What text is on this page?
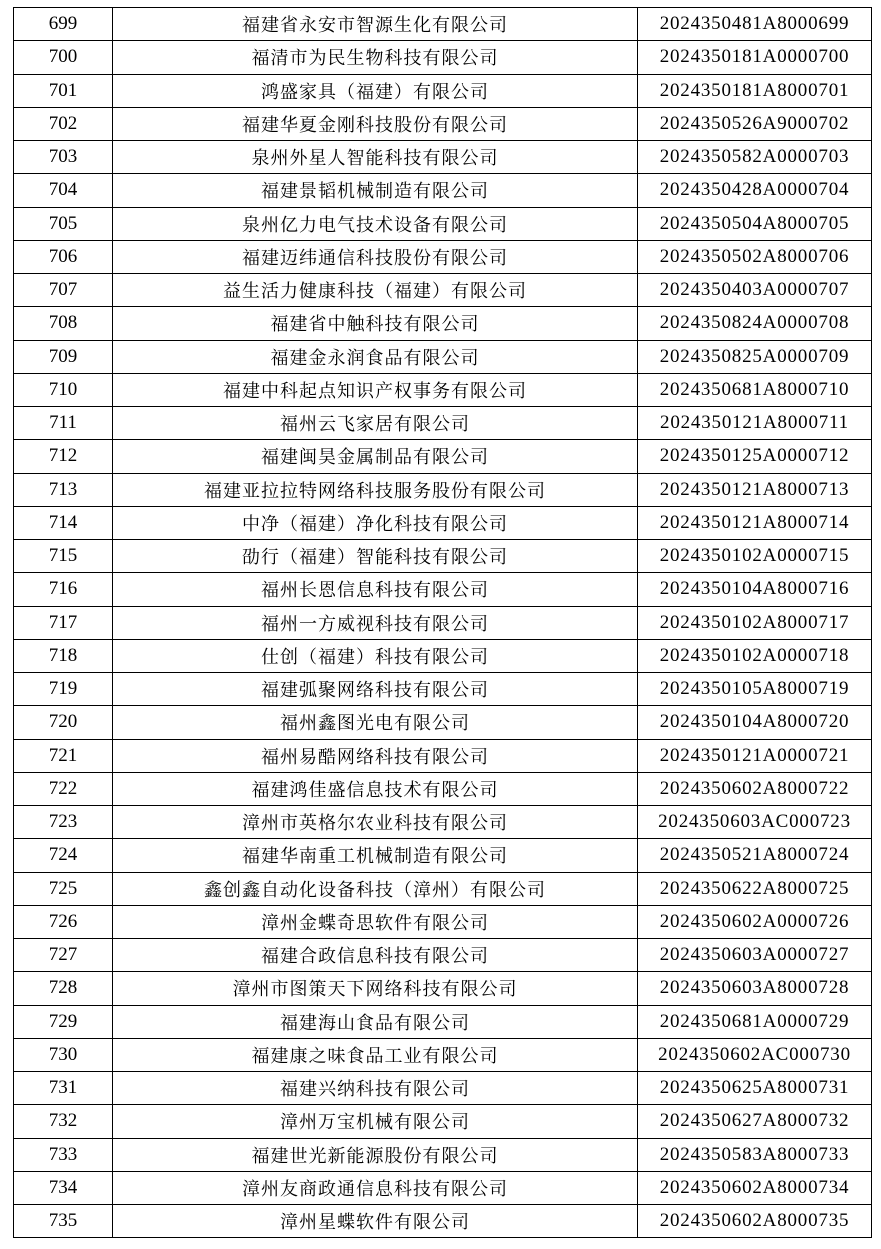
699	福建省永安市智源生化有限公司	2024350481A8000699
700	福清市为民生物科技有限公司	2024350181A0000700
701	鸿盛家具（福建）有限公司	2024350181A8000701
702	福建华夏金刚科技股份有限公司	2024350526A9000702
703	泉州外星人智能科技有限公司	2024350582A0000703
704	福建景韬机械制造有限公司	2024350428A0000704
705	泉州亿力电气技术设备有限公司	2024350504A8000705
706	福建迈纬通信科技股份有限公司	2024350502A8000706
707	益生活力健康科技（福建）有限公司	2024350403A0000707
708	福建省中触科技有限公司	2024350824A0000708
709	福建金永润食品有限公司	2024350825A0000709
710	福建中科起点知识产权事务有限公司	2024350681A8000710
711	福州云飞家居有限公司	2024350121A8000711
712	福建闽昊金属制品有限公司	2024350125A0000712
713	福建亚拉拉特网络科技服务股份有限公司	2024350121A8000713
714	中净（福建）净化科技有限公司	2024350121A8000714
715	劭行（福建）智能科技有限公司	2024350102A0000715
716	福州长恩信息科技有限公司	2024350104A8000716
717	福州一方威视科技有限公司	2024350102A8000717
718	仕创（福建）科技有限公司	2024350102A0000718
719	福建弧聚网络科技有限公司	2024350105A8000719
720	福州鑫图光电有限公司	2024350104A8000720
721	福州易酷网络科技有限公司	2024350121A0000721
722	福建鸿佳盛信息技术有限公司	2024350602A8000722
723	漳州市英格尔农业科技有限公司	2024350603AC000723
724	福建华南重工机械制造有限公司	2024350521A8000724
725	鑫创鑫自动化设备科技（漳州）有限公司	2024350622A8000725
726	漳州金蝶奇思软件有限公司	2024350602A0000726
727	福建合政信息科技有限公司	2024350603A0000727
728	漳州市图策天下网络科技有限公司	2024350603A8000728
729	福建海山食品有限公司	2024350681A0000729
730	福建康之味食品工业有限公司	2024350602AC000730
731	福建兴纳科技有限公司	2024350625A8000731
732	漳州万宝机械有限公司	2024350627A8000732
733	福建世光新能源股份有限公司	2024350583A8000733
734	漳州友商政通信息科技有限公司	2024350602A8000734
735	漳州星蝶软件有限公司	2024350602A8000735
